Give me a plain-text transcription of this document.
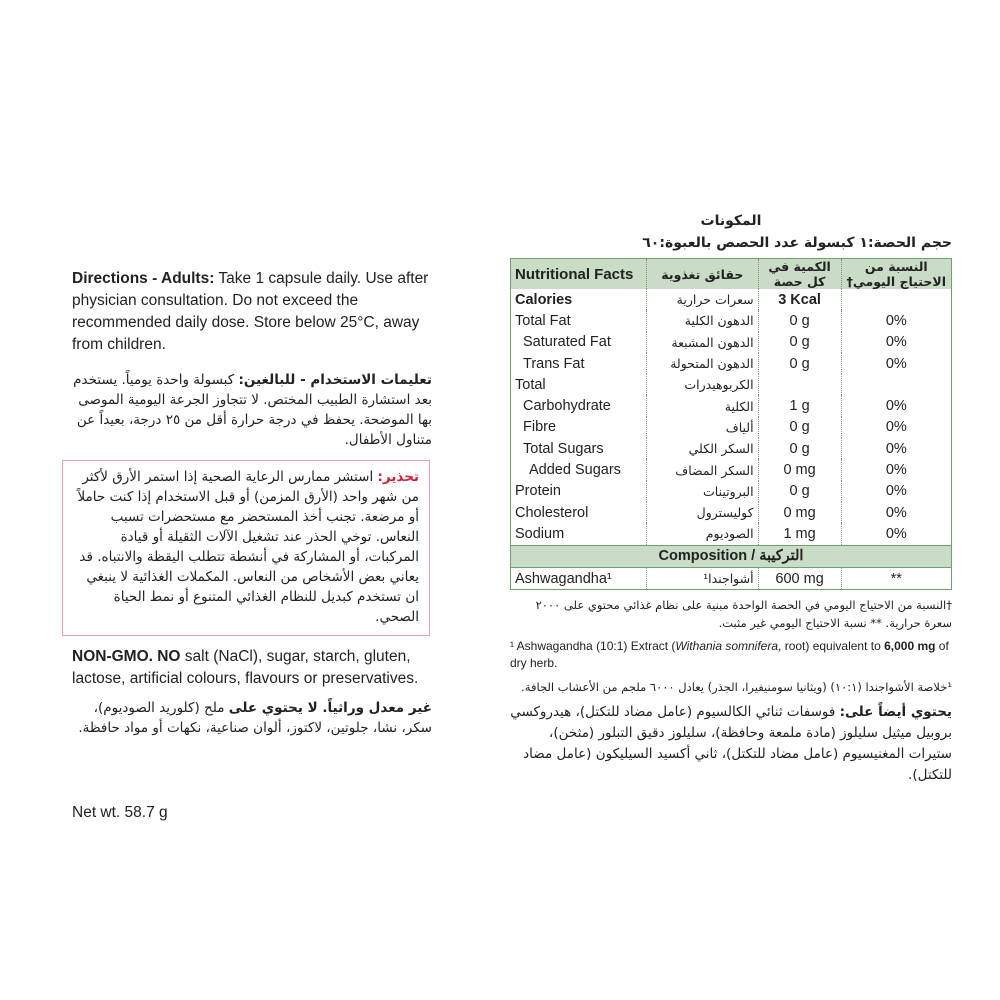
Directions - Adults: Take 1 capsule daily. Use after physician consultation. Do not exceed the recommended daily dose. Store below 25°C, away from children.
تعليمات الاستخدام - للبالغين: كبسولة واحدة يومياً. يستخدم بعد استشارة الطبيب المختص. لا تتجاوز الجرعة اليومية الموصى بها الموضحة. يحفظ في درجة حرارة أقل من ٢٥ درجة، بعيداً عن متناول الأطفال.
تحذير: استشر ممارس الرعاية الصحية إذا استمر الأرق لأكثر من شهر واحد (الأرق المزمن) أو قبل الاستخدام إذا كنت حاملاً أو مرضعة. تجنب أخذ المستحضر مع مستحضرات تسبب النعاس. توخي الحذر عند تشغيل الآلات الثقيلة أو قيادة المركبات، أو المشاركة في أنشطة تتطلب اليقظة والانتباه. قد يعاني بعض الأشخاص من النعاس. المكملات الغذائية لا ينبغي ان تستخدم كبديل للنظام الغذائي المتنوع أو نمط الحياة الصحي.
NON-GMO. NO salt (NaCl), sugar, starch, gluten, lactose, artificial colours, flavours or preservatives.
غير معدل وراثياً. لا يحتوي على ملح (كلوريد الصوديوم)، سكر، نشا، جلوتين، لاكتوز، ألوان صناعية، نكهات أو مواد حافظة.
Net wt. 58.7 g
المكونات
حجم الحصة:١ كبسولة عدد الحصص بالعبوة:٦٠
Nutritional Facts	حقائق تغذوية	الكمية في كل حصة	النسبة من الاحتياج اليومي†
Calories	سعرات حرارية	3 Kcal	
Total Fat	الدهون الكلية	0 g	0%
Saturated Fat	الدهون المشبعة	0 g	0%
Trans Fat	الدهون المتحولة	0 g	0%
Total	الكربوهيدرات		
Carbohydrate	الكلية	1 g	0%
Fibre	ألياف	0 g	0%
Total Sugars	السكر الكلي	0 g	0%
Added Sugars	السكر المضاف	0 mg	0%
Protein	البروتينات	0 g	0%
Cholesterol	كوليسترول	0 mg	0%
Sodium	الصوديوم	1 mg	0%
Composition / التركيبة			
Ashwagandha¹	أشواجندا¹	600 mg	**
†النسبة من الاحتياج اليومي في الحصة الواحدة مبنية على نظام غذائي محتوي على ٢٠٠٠ سعرة حرارية. ** نسبة الاحتياج اليومي غير مثبت.
¹ Ashwagandha (10:1) Extract (Withania somnifera, root) equivalent to 6,000 mg of dry herb.
¹خلاصة الأشواجندا (١٠:١) (ويثانيا سومنيفيرا، الجذر) يعادل ٦٠٠٠ ملجم من الأعشاب الجافة.
يحتوي أيضاً على: فوسفات ثنائي الكالسيوم (عامل مضاد للتكتل)، هيدروكسي بروبيل ميثيل سليلوز (مادة ملمعة وحافظة)، سليلوز دقيق التبلور (مثخن)، ستيرات المغنيسيوم (عامل مضاد للتكتل)، ثاني أكسيد السيليكون (عامل مضاد للتكتل).
